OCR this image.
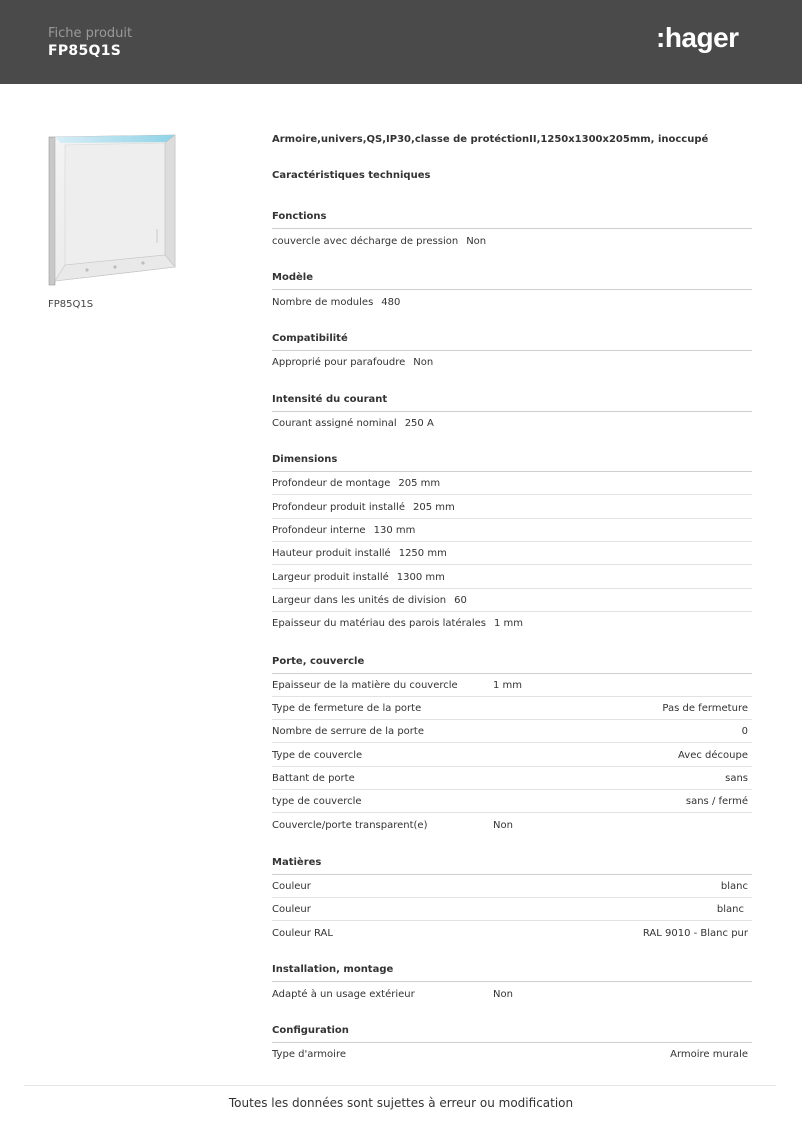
Fiche produit
FP85Q1S	:hager
FP85Q1S
Armoire,univers,QS,IP30,classe de protéctionII,1250x1300x205mm, inoccupé
Caractéristiques techniques
Fonctions
couvercle avec décharge de pression Non
Modèle
Nombre de modules 480
Compatibilité
Approprié pour parafoudre Non
Intensité du courant
Courant assigné nominal 250 A
Dimensions
Profondeur de montage 205 mm
Profondeur produit installé 205 mm
Profondeur interne 130 mm
Hauteur produit installé 1250 mm
Largeur produit installé 1300 mm
Largeur dans les unités de division 60
Epaisseur du matériau des parois latérales 1 mm
Porte, couvercle
Epaisseur de la matière du couvercle	1 mm
Type de fermeture de la porte	Pas de fermeture
Nombre de serrure de la porte	0
Type de couvercle	Avec découpe
Battant de porte	sans
type de couvercle	sans / fermé
Couvercle/porte transparent(e)	Non
Matières
Couleur	blanc
Couleur	blanc
Couleur RAL	RAL 9010 - Blanc pur
Installation, montage
Adapté à un usage extérieur	Non
Configuration
Type d'armoire	Armoire murale
Toutes les données sont sujettes à erreur ou modification
